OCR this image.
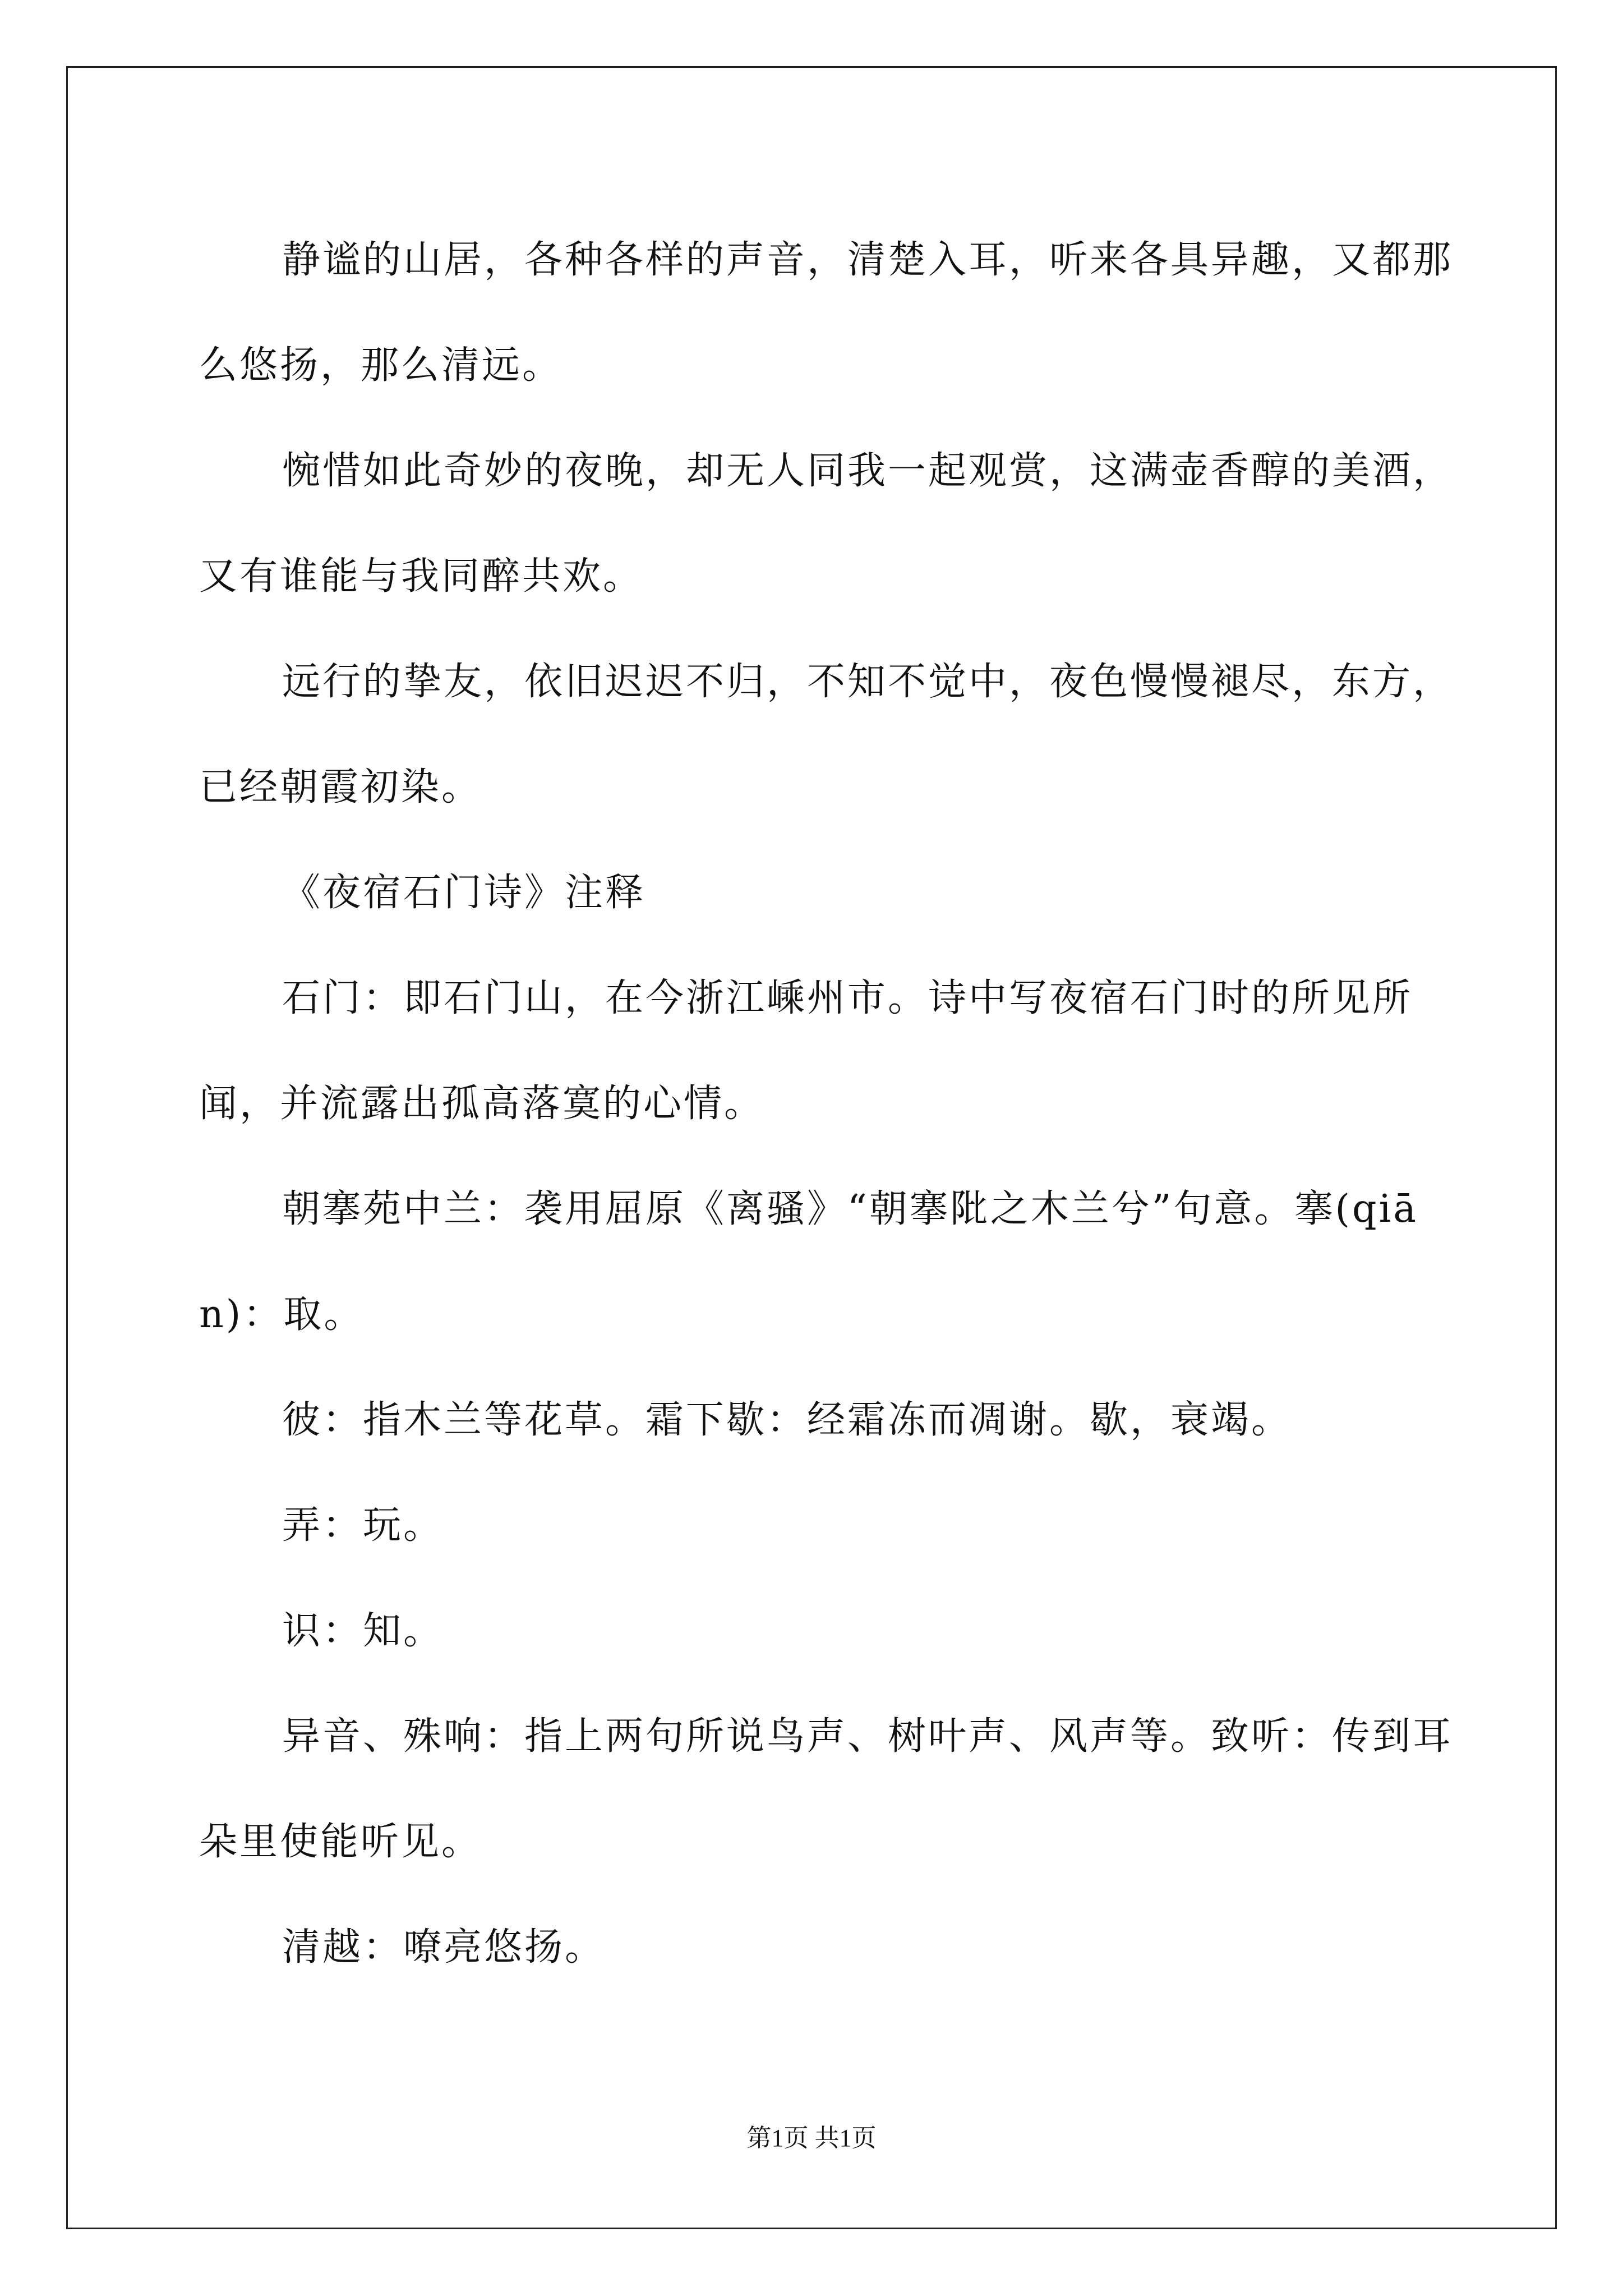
静谧的山居，各种各样的声音，清楚入耳，听来各具异趣，又都那么悠扬，那么清远。

惋惜如此奇妙的夜晚，却无人同我一起观赏，这满壶香醇的美酒，又有谁能与我同醉共欢。

远行的挚友，依旧迟迟不归，不知不觉中，夜色慢慢褪尽，东方，已经朝霞初染。

《夜宿石门诗》注释

石门：即石门山，在今浙江嵊州市。诗中写夜宿石门时的所见所闻，并流露出孤高落寞的心情。

朝搴苑中兰：袭用屈原《离骚》“朝搴阰之木兰兮”句意。搴(qiān)：取。

彼：指木兰等花草。霜下歇：经霜冻而凋谢。歇，衰竭。

弄：玩。

识：知。

异音、殊响：指上两句所说鸟声、树叶声、风声等。致听：传到耳朵里使能听见。

清越：嘹亮悠扬。

第1页 共1页
